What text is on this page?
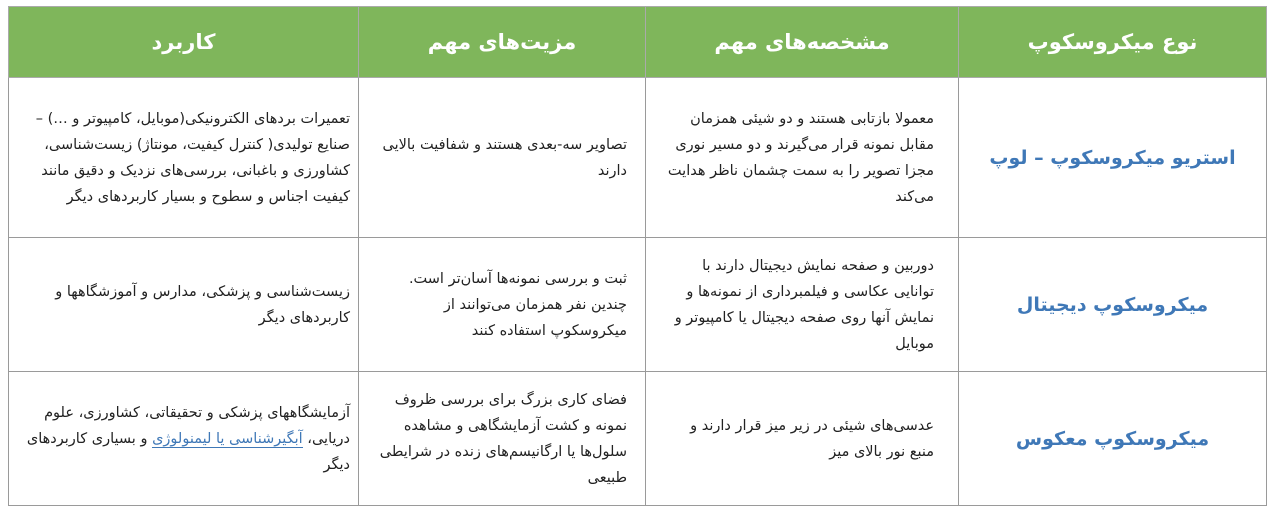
نوع میکروسکوپ	مشخصه‌های مهم	مزیت‌های مهم	کاربرد
استریو میکروسکوپ – لوپ	معمولا بازتابی هستند و دو شیئی همزمان مقابل نمونه قرار می‌گیرند و دو مسیر نوری مجزا تصویر را به سمت چشمان ناظر هدایت می‌کند	تصاویر سه-بعدی هستند و شفافیت بالایی دارند	تعمیرات بردهای الکترونیکی(موبایل، کامپیوتر و …) – صنایع تولیدی( کنترل کیفیت، مونتاژ) زیست‌شناسی، کشاورزی و باغبانی، بررسی‌های نزدیک و دقیق مانند کیفیت اجناس و سطوح و بسیار کاربردهای دیگر
میکروسکوپ دیجیتال	دوربین و صفحه نمایش دیجیتال دارند با توانایی عکاسی و فیلمبرداری از نمونه‌ها و نمایش آنها روی صفحه دیجیتال یا کامپیوتر و موبایل	ثبت و بررسی نمونه‌ها آسان‌تر است. چندین نفر همزمان می‌توانند از میکروسکوپ استفاده کنند	زیست‌شناسی و پزشکی، مدارس و آموزشگاهها و کاربردهای دیگر
میکروسکوپ معکوس	عدسی‌های شیئی در زیر میز قرار دارند و منبع نور بالای میز	فضای کاری بزرگ برای بررسی ظروف نمونه و کشت آزمایشگاهی و مشاهده سلول‌ها یا ارگانیسم‌های زنده در شرایطی طبیعی	آزمایشگاههای پزشکی و تحقیقاتی، کشاورزی، علوم دریایی، آبگیرشناسی یا لیمنولوژی و بسیاری کاربردهای دیگر
